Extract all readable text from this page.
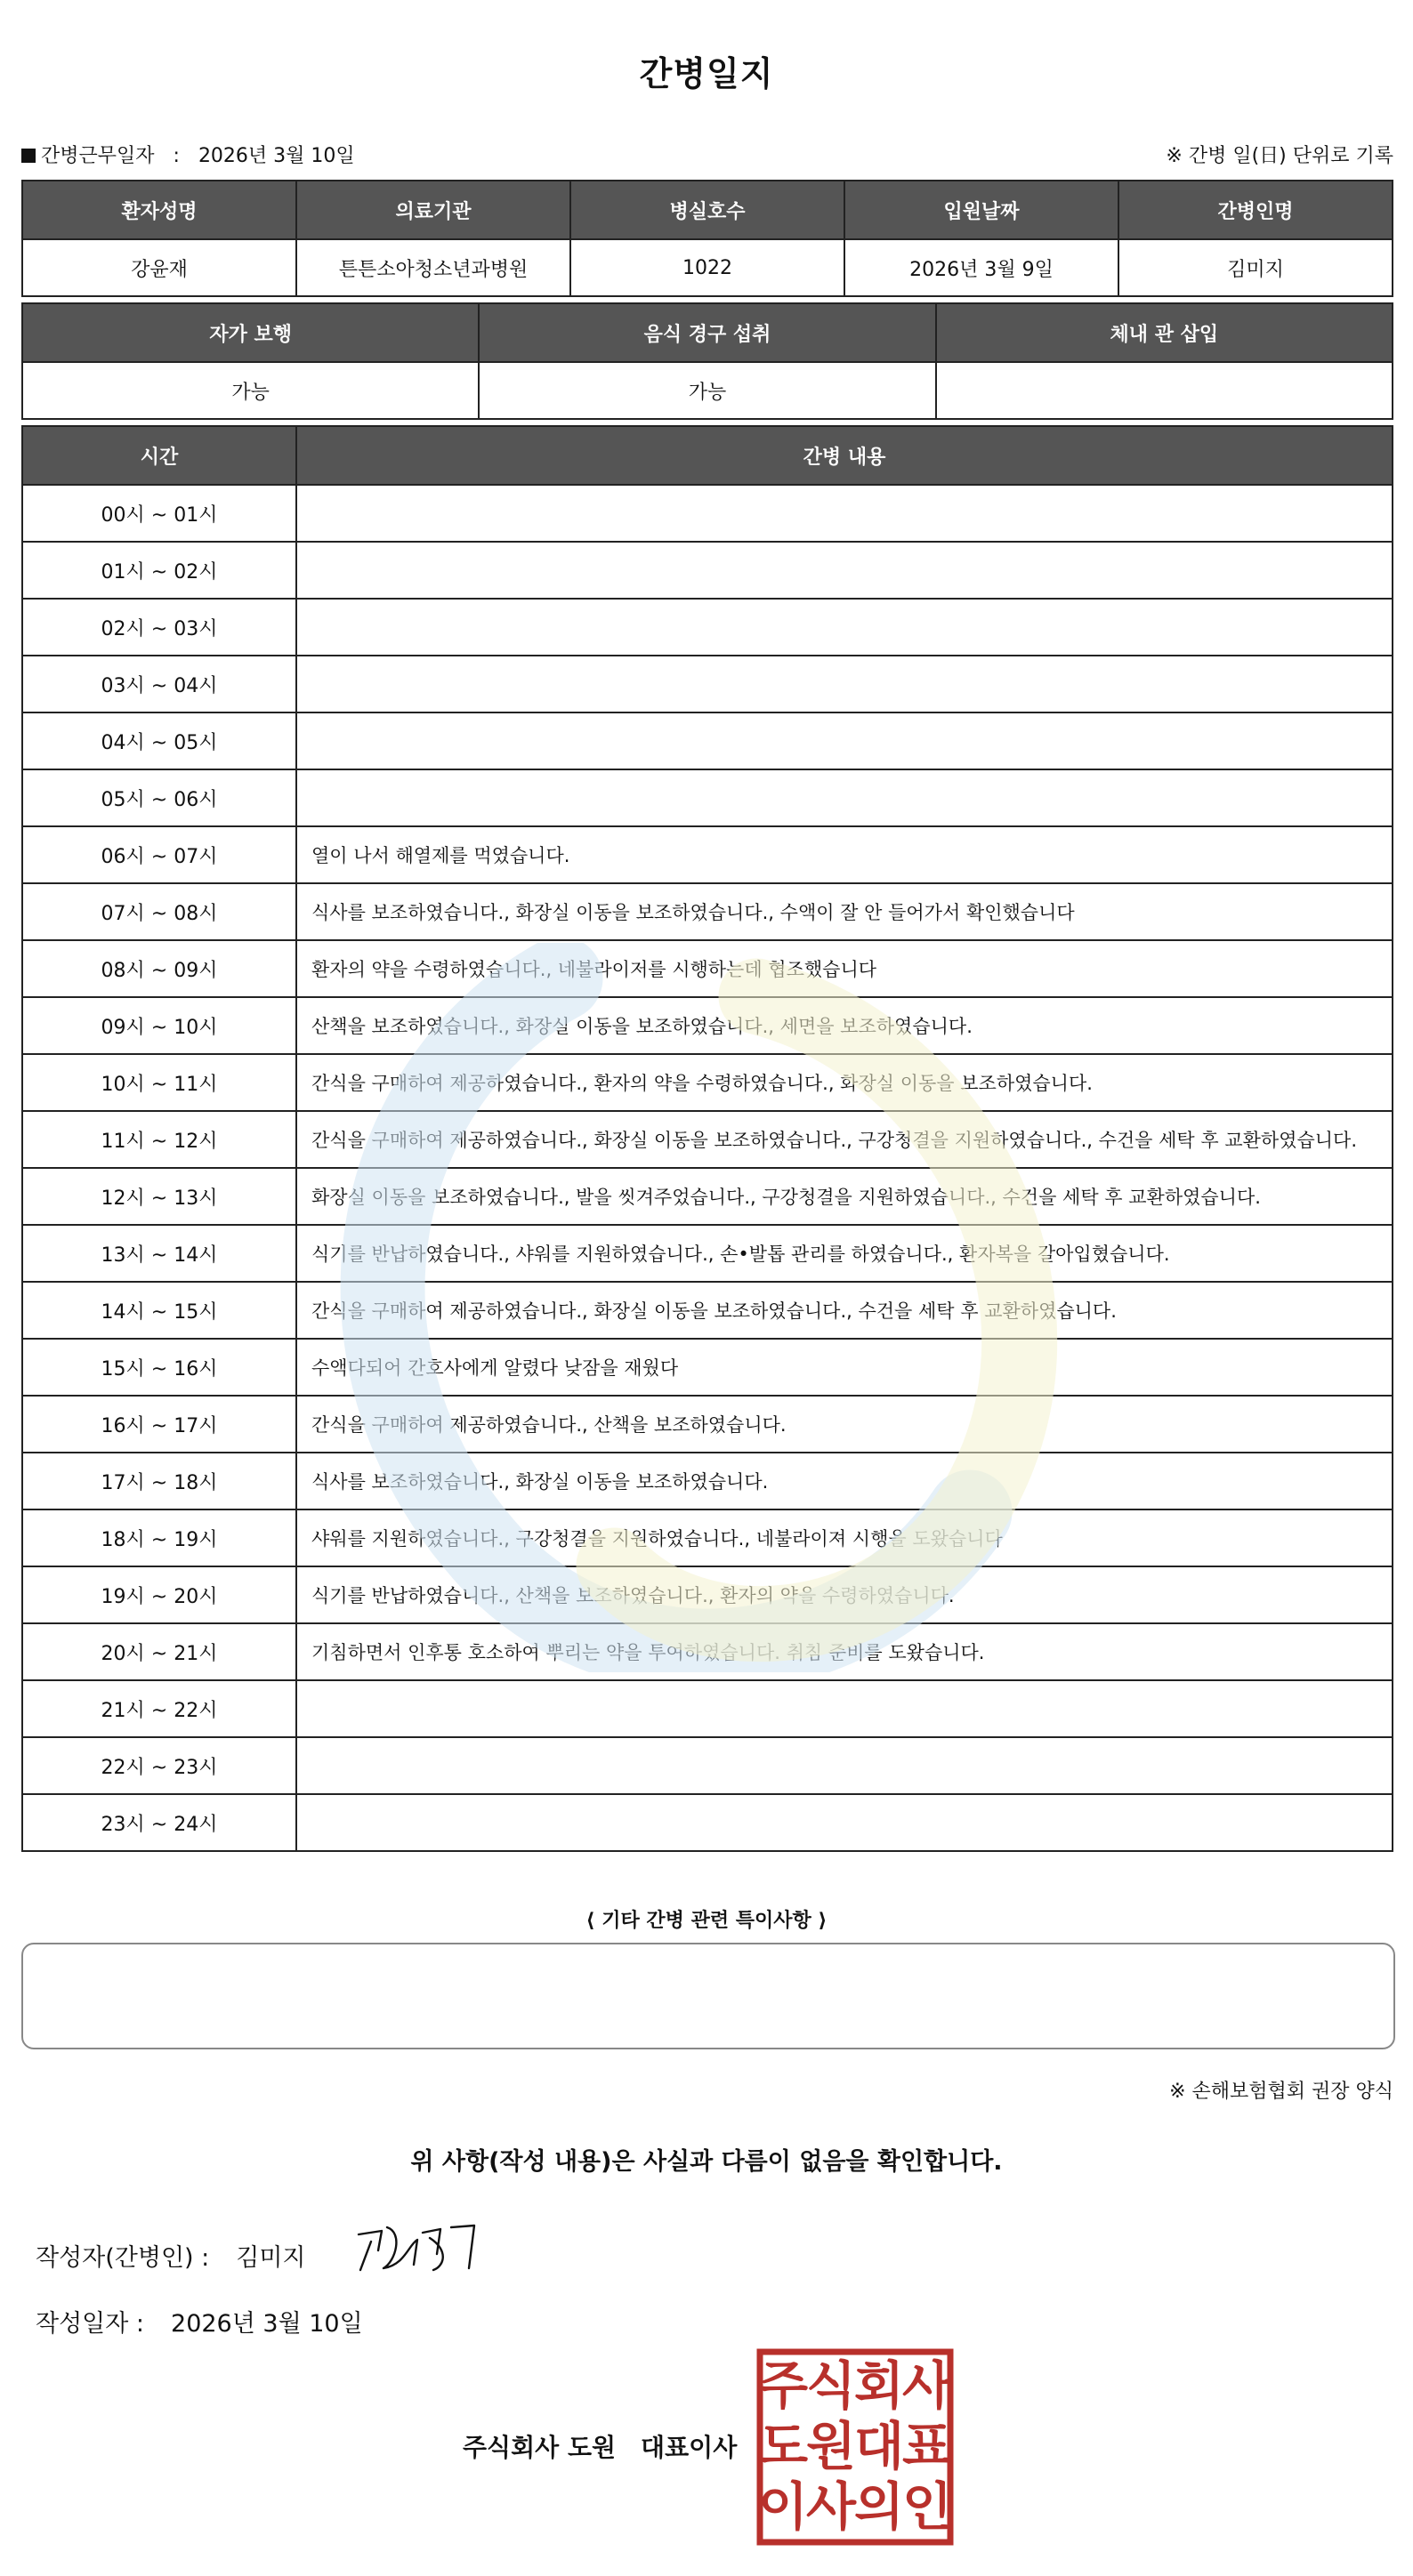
간병일지
간병근무일자 : 2026년 3월 10일	※ 간병 일(日) 단위로 기록
환자성명	의료기관	병실호수	입원날짜	간병인명
강윤재	튼튼소아청소년과병원	1022	2026년 3월 9일	김미지
자가 보행	음식 경구 섭취	체내 관 삽입
가능	가능	
시간	간병 내용
00시 ~ 01시	
01시 ~ 02시	
02시 ~ 03시	
03시 ~ 04시	
04시 ~ 05시	
05시 ~ 06시	
06시 ~ 07시	열이 나서 해열제를 먹였습니다.
07시 ~ 08시	식사를 보조하였습니다., 화장실 이동을 보조하였습니다., 수액이 잘 안 들어가서 확인했습니다
08시 ~ 09시	환자의 약을 수령하였습니다., 네불라이저를 시행하는데 협조했습니다
09시 ~ 10시	산책을 보조하였습니다., 화장실 이동을 보조하였습니다., 세면을 보조하였습니다.
10시 ~ 11시	간식을 구매하여 제공하였습니다., 환자의 약을 수령하였습니다., 화장실 이동을 보조하였습니다.
11시 ~ 12시	간식을 구매하여 제공하였습니다., 화장실 이동을 보조하였습니다., 구강청결을 지원하였습니다., 수건을 세탁 후 교환하였습니다.
12시 ~ 13시	화장실 이동을 보조하였습니다., 발을 씻겨주었습니다., 구강청결을 지원하였습니다., 수건을 세탁 후 교환하였습니다.
13시 ~ 14시	식기를 반납하였습니다., 샤워를 지원하였습니다., 손•발톱 관리를 하였습니다., 환자복을 갈아입혔습니다.
14시 ~ 15시	간식을 구매하여 제공하였습니다., 화장실 이동을 보조하였습니다., 수건을 세탁 후 교환하였습니다.
15시 ~ 16시	수액다되어 간호사에게 알렸다 낮잠을 재웠다
16시 ~ 17시	간식을 구매하여 제공하였습니다., 산책을 보조하였습니다.
17시 ~ 18시	식사를 보조하였습니다., 화장실 이동을 보조하였습니다.
18시 ~ 19시	샤워를 지원하였습니다., 구강청결을 지원하였습니다., 네불라이져 시행을 도왔습니다
19시 ~ 20시	식기를 반납하였습니다., 산책을 보조하였습니다., 환자의 약을 수령하였습니다.
20시 ~ 21시	기침하면서 인후통 호소하여 뿌리는 약을 투여하였습니다. 취침 준비를 도왔습니다.
21시 ~ 22시	
22시 ~ 23시	
23시 ~ 24시	
⟨ 기타 간병 관련 특이사항 ⟩
※ 손해보험협회 권장 양식
위 사항(작성 내용)은 사실과 다름이 없음을 확인합니다.
작성자(간병인) : 김미지
작성일자 : 2026년 3월 10일
주식회사 도원 대표이사
주
식
회
사
도
원
대
표
이
사
의
인
